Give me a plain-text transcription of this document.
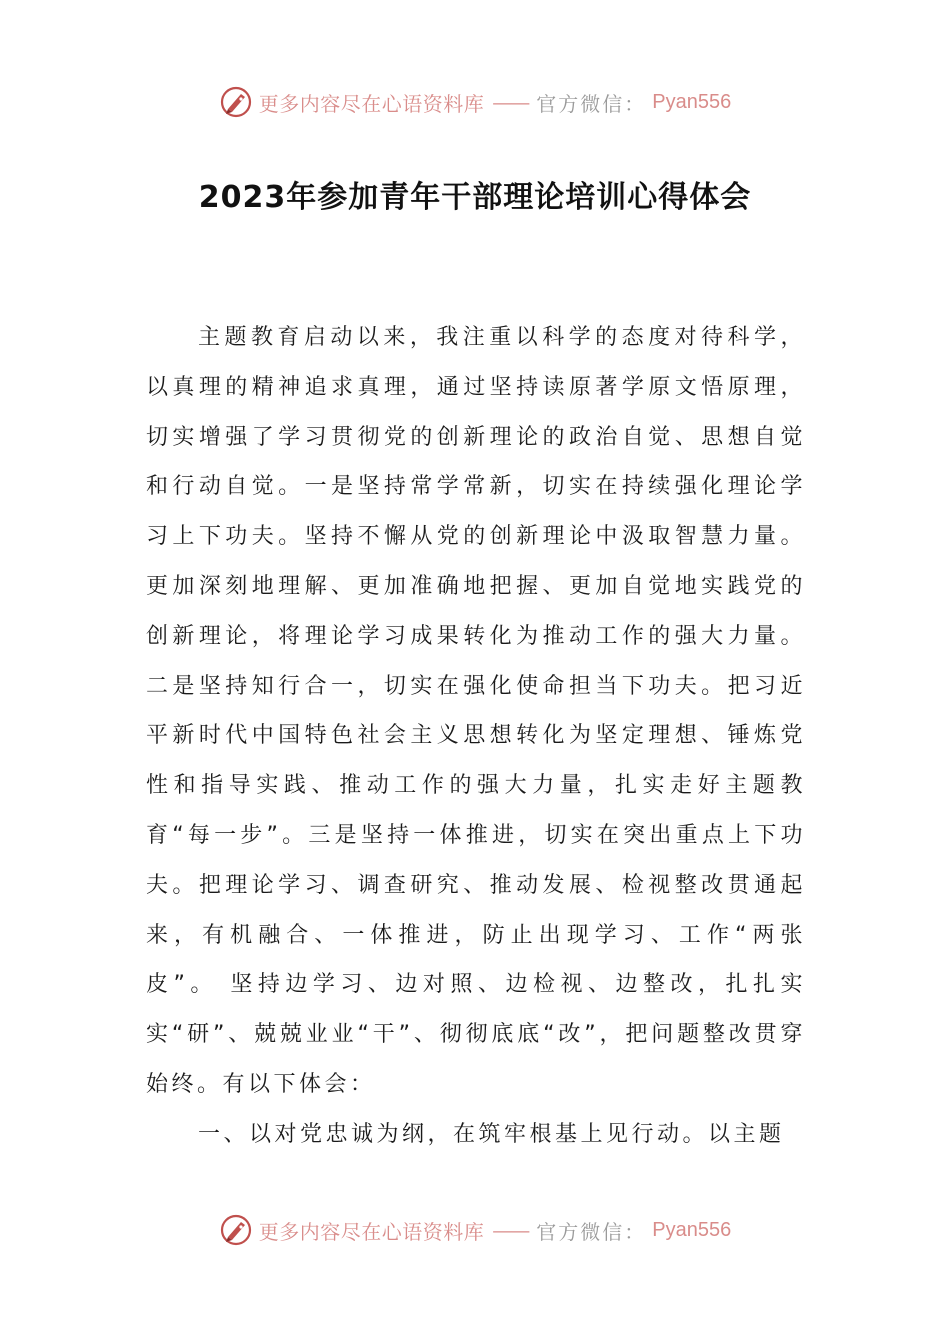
更多内容尽在心语资料库 —— 官方微信： Pyan556
2023年参加青年干部理论培训心得体会

主题教育启动以来，我注重以科学的态度对待科学，以真理的精神追求真理，通过坚持读原著学原文悟原理，切实增强了学习贯彻党的创新理论的政治自觉、思想自觉和行动自觉。一是坚持常学常新，切实在持续强化理论学习上下功夫。坚持不懈从党的创新理论中汲取智慧力量。更加深刻地理解、更加准确地把握、更加自觉地实践党的创新理论，将理论学习成果转化为推动工作的强大力量。二是坚持知行合一，切实在强化使命担当下功夫。把习近平新时代中国特色社会主义思想转化为坚定理想、锤炼党性和指导实践、推动工作的强大力量，扎实走好主题教育“每一步”。三是坚持一体推进，切实在突出重点上下功夫。把理论学习、调查研究、推动发展、检视整改贯通起来，有机融合、一体推进，防止出现学习、工作“两张皮”。 坚持边学习、边对照、边检视、边整改，扎扎实实“研”、兢兢业业“干”、彻彻底底“改”，把问题整改贯穿始终。有以下体会：

一、以对党忠诚为纲，在筑牢根基上见行动。以主题

更多内容尽在心语资料库 —— 官方微信： Pyan556
